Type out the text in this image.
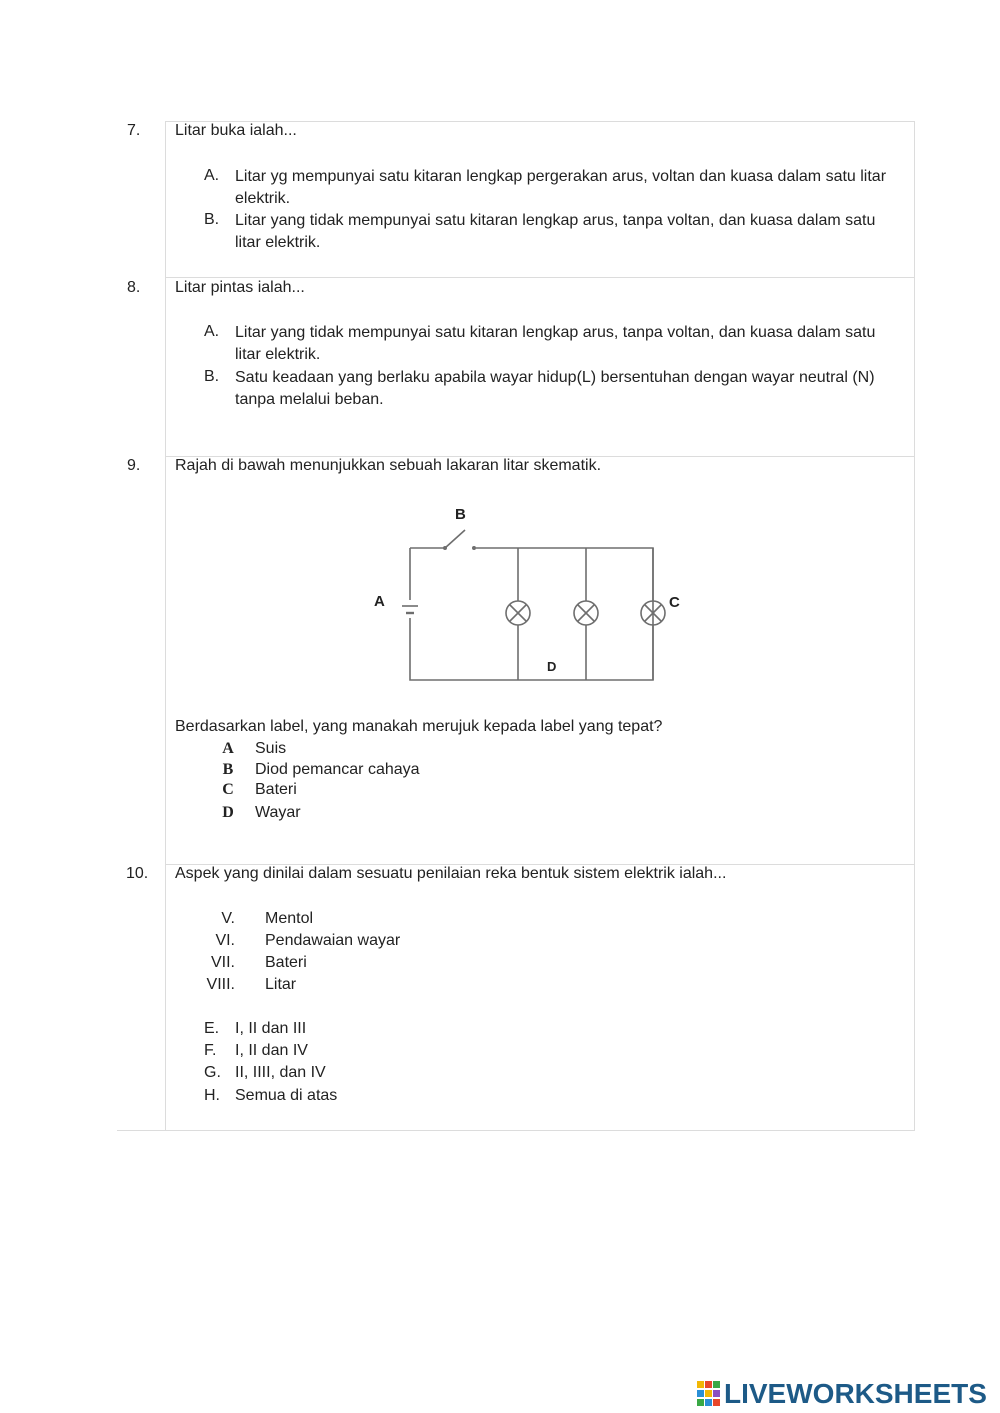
7. Litar buka ialah...
A. Litar yg mempunyai satu kitaran lengkap pergerakan arus, voltan dan kuasa dalam satu litar elektrik.
B. Litar yang tidak mempunyai satu kitaran lengkap arus, tanpa voltan, dan kuasa dalam satu litar elektrik.
8. Litar pintas ialah...
A. Litar yang tidak mempunyai satu kitaran lengkap arus, tanpa voltan, dan kuasa dalam satu litar elektrik.
B. Satu keadaan yang berlaku apabila wayar hidup(L) bersentuhan dengan wayar neutral (N) tanpa melalui beban.
9. Rajah di bawah menunjukkan sebuah lakaran litar skematik.
B
A	C
D
Berdasarkan label, yang manakah merujuk kepada label yang tepat?
A Suis
B Diod pemancar cahaya
C Bateri
D Wayar
10. Aspek yang dinilai dalam sesuatu penilaian reka bentuk sistem elektrik ialah...
V. Mentol
VI. Pendawaian wayar
VII. Bateri
VIII. Litar
E. I, II dan III
F. I, II dan IV
G. II, IIII, dan IV
H. Semua di atas
LIVEWORKSHEETS
